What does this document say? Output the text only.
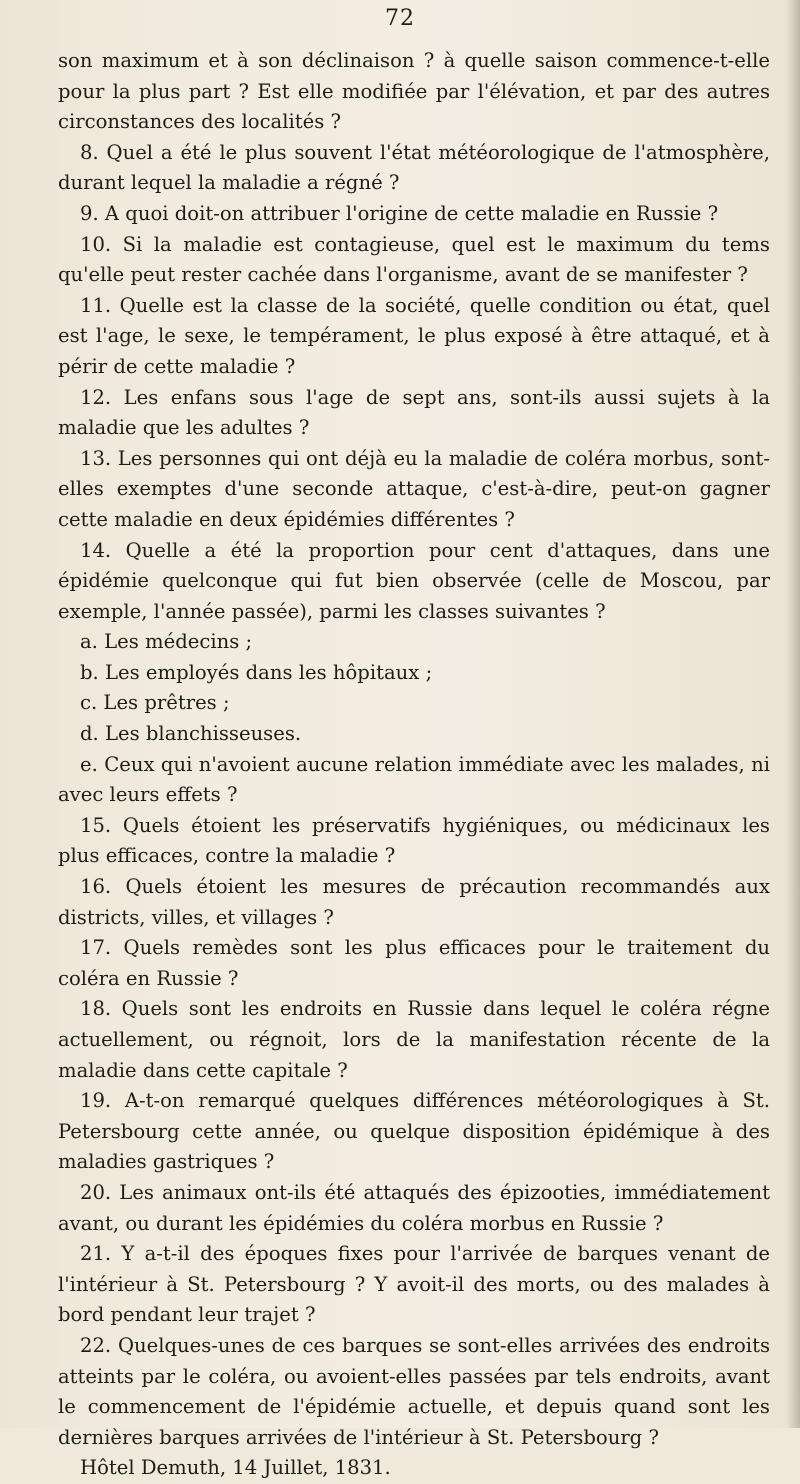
72

son maximum et à son déclinaison ? à quelle saison commence-t-elle pour la plus part ? Est elle modifiée par l'élévation, et par des autres circonstances des localités ?

8. Quel a été le plus souvent l'état météorologique de l'atmosphère, durant lequel la maladie a régné ?

9. A quoi doit-on attribuer l'origine de cette maladie en Russie ?

10. Si la maladie est contagieuse, quel est le maximum du tems qu'elle peut rester cachée dans l'organisme, avant de se manifester ?

11. Quelle est la classe de la société, quelle condition ou état, quel est l'age, le sexe, le tempérament, le plus exposé à être attaqué, et à périr de cette maladie ?

12. Les enfans sous l'age de sept ans, sont-ils aussi sujets à la maladie que les adultes ?

13. Les personnes qui ont déjà eu la maladie de coléra morbus, sont-elles exemptes d'une seconde attaque, c'est-à-dire, peut-on gagner cette maladie en deux épidémies différentes ?

14. Quelle a été la proportion pour cent d'attaques, dans une épidémie quelconque qui fut bien observée (celle de Moscou, par exemple, l'année passée), parmi les classes suivantes ?

a. Les médecins ;

b. Les employés dans les hôpitaux ;

c. Les prêtres ;

d. Les blanchisseuses.

e. Ceux qui n'avoient aucune relation immédiate avec les malades, ni avec leurs effets ?

15. Quels étoient les préservatifs hygiéniques, ou médicinaux les plus efficaces, contre la maladie ?

16. Quels étoient les mesures de précaution recommandés aux districts, villes, et villages ?

17. Quels remèdes sont les plus efficaces pour le traitement du coléra en Russie ?

18. Quels sont les endroits en Russie dans lequel le coléra régne actuellement, ou régnoit, lors de la manifestation récente de la maladie dans cette capitale ?

19. A-t-on remarqué quelques différences météorologiques à St. Petersbourg cette année, ou quelque disposition épidémique à des maladies gastriques ?

20. Les animaux ont-ils été attaqués des épizooties, immédiatement avant, ou durant les épidémies du coléra morbus en Russie ?

21. Y a-t-il des époques fixes pour l'arrivée de barques venant de l'intérieur à St. Petersbourg ? Y avoit-il des morts, ou des malades à bord pendant leur trajet ?

22. Quelques-unes de ces barques se sont-elles arrivées des endroits atteints par le coléra, ou avoient-elles passées par tels endroits, avant le commencement de l'épidémie actuelle, et depuis quand sont les dernières barques arrivées de l'intérieur à St. Petersbourg ?

Hôtel Demuth, 14 Juillet, 1831.
